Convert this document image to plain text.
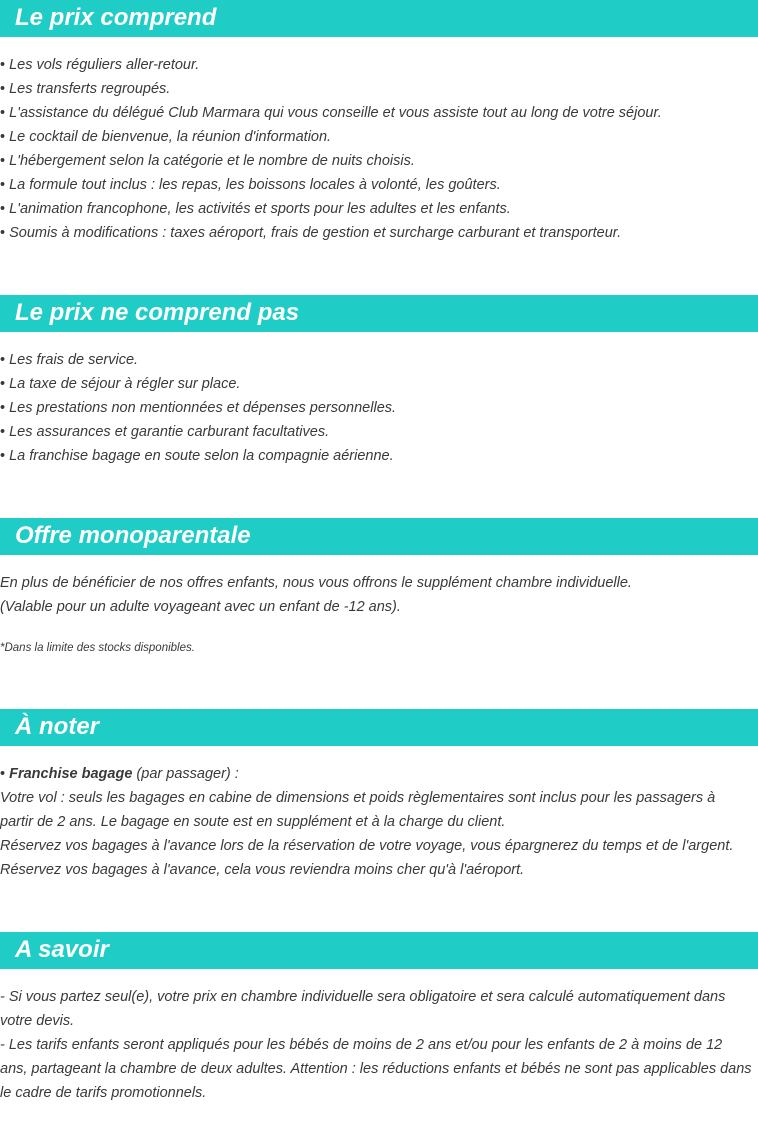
Le prix comprend
• Les vols réguliers aller-retour.
• Les transferts regroupés.
• L'assistance du délégué Club Marmara qui vous conseille et vous assiste tout au long de votre séjour.
• Le cocktail de bienvenue, la réunion d'information.
• L'hébergement selon la catégorie et le nombre de nuits choisis.
• La formule tout inclus : les repas, les boissons locales à volonté, les goûters.
• L'animation francophone, les activités et sports pour les adultes et les enfants.
• Soumis à modifications : taxes aéroport, frais de gestion et surcharge carburant et transporteur.
Le prix ne comprend pas
• Les frais de service.
• La taxe de séjour à régler sur place.
• Les prestations non mentionnées et dépenses personnelles.
• Les assurances et garantie carburant facultatives.
• La franchise bagage en soute selon la compagnie aérienne.
Offre monoparentale
En plus de bénéficier de nos offres enfants, nous vous offrons le supplément chambre individuelle.
(Valable pour un adulte voyageant avec un enfant de -12 ans).
*Dans la limite des stocks disponibles.
À noter
• Franchise bagage (par passager) :
Votre vol : seuls les bagages en cabine de dimensions et poids règlementaires sont inclus pour les passagers à partir de 2 ans. Le bagage en soute est en supplément et à la charge du client.
Réservez vos bagages à l'avance lors de la réservation de votre voyage, vous épargnerez du temps et de l'argent.
Réservez vos bagages à l'avance, cela vous reviendra moins cher qu'à l'aéroport.
A savoir
- Si vous partez seul(e), votre prix en chambre individuelle sera obligatoire et sera calculé automatiquement dans votre devis.
- Les tarifs enfants seront appliqués pour les bébés de moins de 2 ans et/ou pour les enfants de 2 à moins de 12 ans, partageant la chambre de deux adultes. Attention : les réductions enfants et bébés ne sont pas applicables dans le cadre de tarifs promotionnels.
